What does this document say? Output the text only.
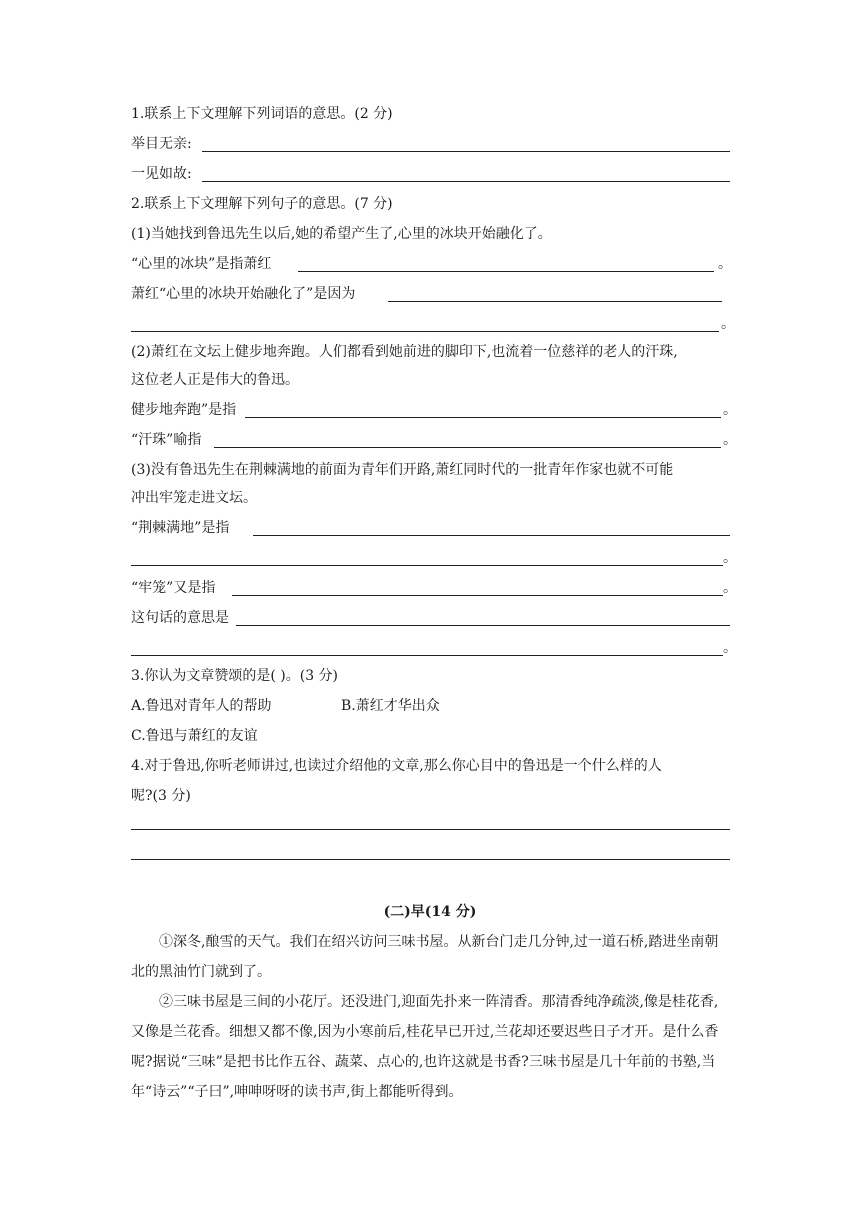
1.联系上下文理解下列词语的意思。(2 分)
举目无亲:
一见如故:
2.联系上下文理解下列句子的意思。(7 分)
(1)当她找到鲁迅先生以后,她的希望产生了,心里的冰块开始融化了。
“心里的冰块”是指萧红	。
萧红“心里的冰块开始融化了”是因为
。
(2)萧红在文坛上健步地奔跑。人们都看到她前进的脚印下,也流着一位慈祥的老人的汗珠,
这位老人正是伟大的鲁迅。
健步地奔跑”是指	。
“汗珠”喻指	。
(3)没有鲁迅先生在荆棘满地的前面为青年们开路,萧红同时代的一批青年作家也就不可能
冲出牢笼走进文坛。
“荆棘满地”是指
。
“牢笼”又是指	。
这句话的意思是
。
3.你认为文章赞颂的是( )。(3 分)
A.鲁迅对青年人的帮助	B.萧红才华出众
C.鲁迅与萧红的友谊
4.对于鲁迅,你听老师讲过,也读过介绍他的文章,那么你心目中的鲁迅是一个什么样的人
呢?(3 分)
(二)早(14 分)
①深冬,酿雪的天气。我们在绍兴访问三味书屋。从新台门走几分钟,过一道石桥,踏进坐南朝北的黑油竹门就到了。
②三味书屋是三间的小花厅。还没进门,迎面先扑来一阵清香。那清香纯净疏淡,像是桂花香,又像是兰花香。细想又都不像,因为小寒前后,桂花早已开过,兰花却还要迟些日子才开。是什么香呢?据说“三味”是把书比作五谷、蔬菜、点心的,也许这就是书香?三味书屋是几十年前的书塾,当年“诗云”“子曰”,呻呻呀呀的读书声,街上都能听得到。
